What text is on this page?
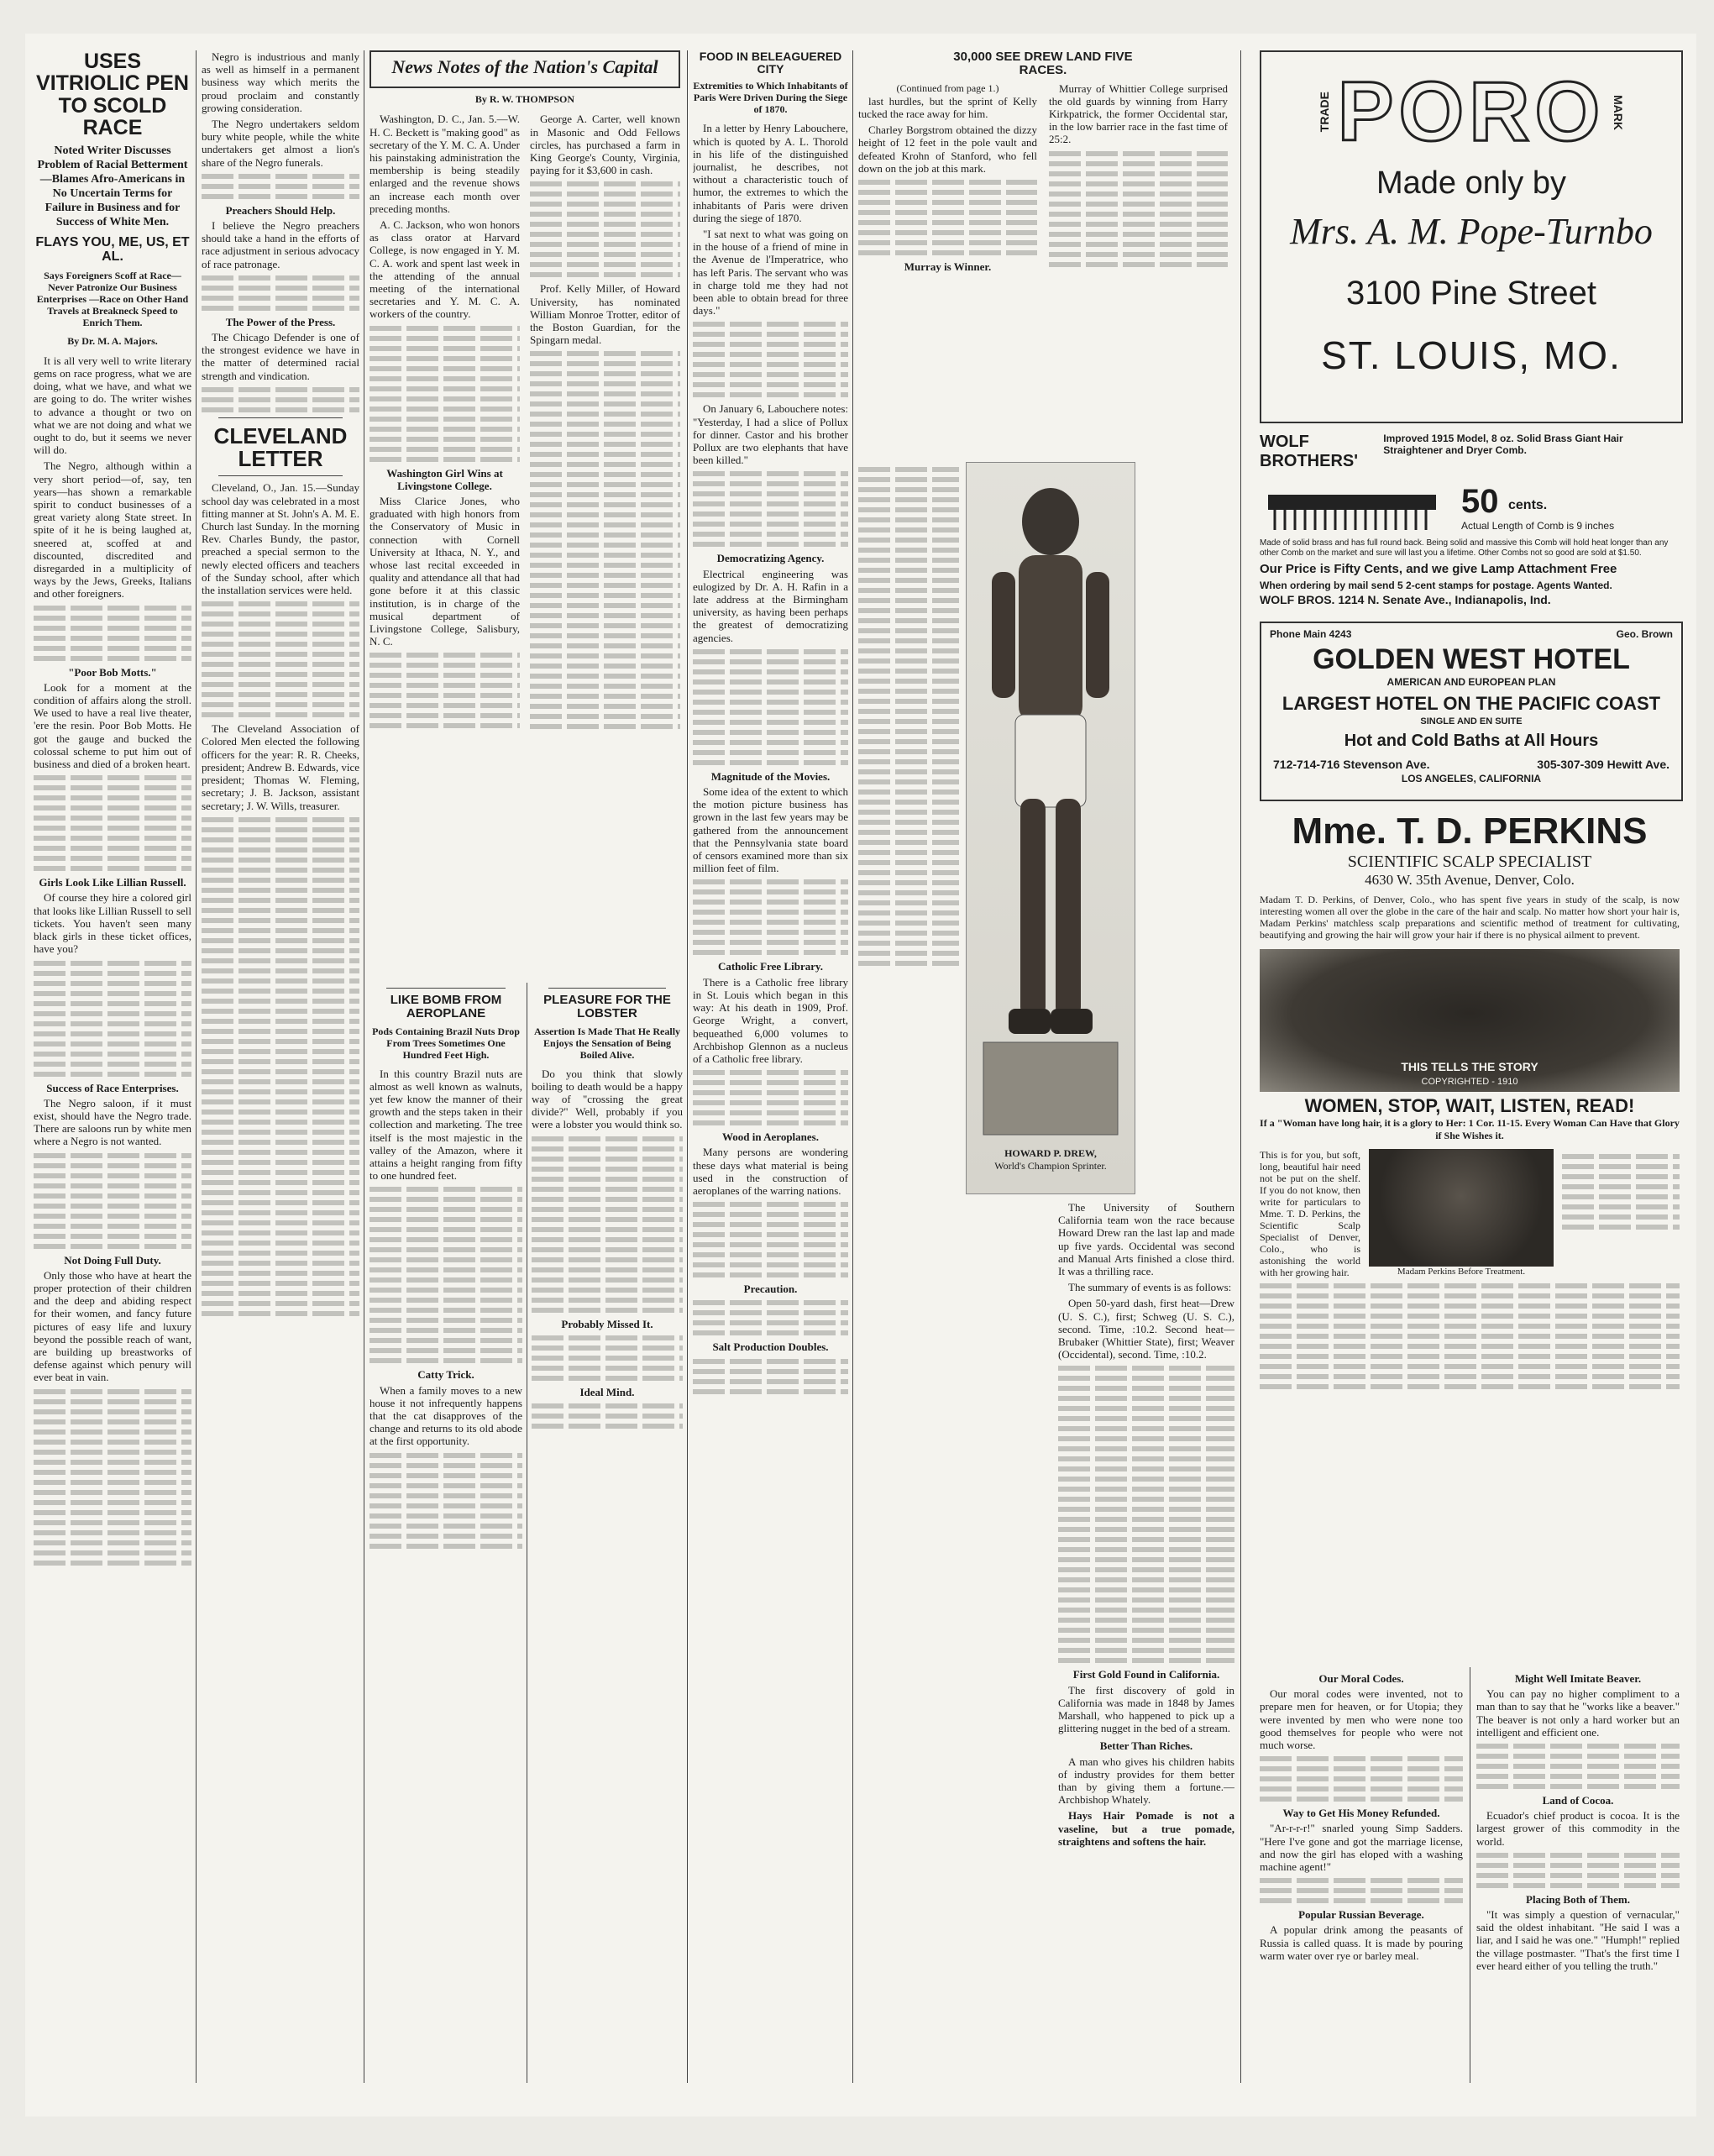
USES VITRIOLIC PEN TO SCOLD RACE
Noted Writer Discusses Problem of Racial Betterment—Blames Afro-Americans in No Uncertain Terms for Failure in Business and for Success of White Men.
FLAYS YOU, ME, US, ET AL.
Says Foreigners Scoff at Race—Never Patronize Our Business Enterprises —Race on Other Hand Travels at Breakneck Speed to Enrich Them.
By Dr. M. A. Majors.

It is all very well to write literary gems on race progress, what we are doing, what we have, and what we are going to do. The writer wishes to advance a thought or two on what we are not doing and what we ought to do, but it seems we never will do.

The Negro, although within a very short period—of, say, ten years—has shown a remarkable spirit to conduct businesses of a great variety along State street. In spite of it he is being laughed at, sneered at, scoffed at and discounted, discredited and disregarded in a multiplicity of ways by the Jews, Greeks, Italians and other foreigners.

"Poor Bob Motts."

Look for a moment at the condition of affairs along the stroll. We used to have a real live theater, 'ere the resin. Poor Bob Motts. He got the gauge and bucked the colossal scheme to put him out of business and died of a broken heart.

Girls Look Like Lillian Russell.

Of course they hire a colored girl that looks like Lillian Russell to sell tickets. You haven't seen many black girls in these ticket offices, have you?

Success of Race Enterprises.

The Negro saloon, if it must exist, should have the Negro trade. There are saloons run by white men where a Negro is not wanted.

Not Doing Full Duty.

Only those who have at heart the proper protection of their children and the deep and abiding respect for their women, and fancy future pictures of easy life and luxury beyond the possible reach of want, are building up breastworks of defense against which penury will ever beat in vain.

Negro is industrious and manly as well as himself in a permanent business way which merits the proud proclaim and constantly growing consideration.

The Negro undertakers seldom bury white people, while the white undertakers get almost a lion's share of the Negro funerals.

Preachers Should Help.

I believe the Negro preachers should take a hand in the efforts of race adjustment in serious advocacy of race patronage.

The Power of the Press.

The Chicago Defender is one of the strongest evidence we have in the matter of determined racial strength and vindication.

CLEVELAND LETTER

Cleveland, O., Jan. 15.—Sunday school day was celebrated in a most fitting manner at St. John's A. M. E. Church last Sunday. In the morning Rev. Charles Bundy, the pastor, preached a special sermon to the newly elected officers and teachers of the Sunday school, after which the installation services were held.

The Cleveland Association of Colored Men elected the following officers for the year: R. R. Cheeks, president; Andrew B. Edwards, vice president; Thomas W. Fleming, secretary; J. B. Jackson, assistant secretary; J. W. Wills, treasurer.

News Notes of the Nation's Capital
By R. W. THOMPSON

Washington, D. C., Jan. 5.—W. H. C. Beckett is "making good" as secretary of the Y. M. C. A. Under his painstaking administration the membership is being steadily enlarged and the revenue shows an increase each month over preceding months.

A. C. Jackson, who won honors as class orator at Harvard College, is now engaged in Y. M. C. A. work and spent last week in the attending of the annual meeting of the international secretaries and Y. M. C. A. workers of the country.

Washington Girl Wins at Livingstone College.

Miss Clarice Jones, who graduated with high honors from the Conservatory of Music in connection with Cornell University at Ithaca, N. Y., and whose last recital exceeded in quality and attendance all that had gone before it at this classic institution, is in charge of the musical department of Livingstone College, Salisbury, N. C.

George A. Carter, well known in Masonic and Odd Fellows circles, has purchased a farm in King George's County, Virginia, paying for it $3,600 in cash.

Prof. Kelly Miller, of Howard University, has nominated William Monroe Trotter, editor of the Boston Guardian, for the Spingarn medal.

LIKE BOMB FROM AEROPLANE
Pods Containing Brazil Nuts Drop From Trees Sometimes One Hundred Feet High.

In this country Brazil nuts are almost as well known as walnuts, yet few know the manner of their growth and the steps taken in their collection and marketing. The tree itself is the most majestic in the valley of the Amazon, where it attains a height ranging from fifty to one hundred feet.

Catty Trick.

When a family moves to a new house it not infrequently happens that the cat disapproves of the change and returns to its old abode at the first opportunity.

PLEASURE FOR THE LOBSTER
Assertion Is Made That He Really Enjoys the Sensation of Being Boiled Alive.

Do you think that slowly boiling to death would be a happy way of "crossing the great divide?" Well, probably if you were a lobster you would think so.

Probably Missed It.
Ideal Mind.
FOOD IN BELEAGUERED CITY
Extremities to Which Inhabitants of Paris Were Driven During the Siege of 1870.

In a letter by Henry Labouchere, which is quoted by A. L. Thorold in his life of the distinguished journalist, he describes, not without a characteristic touch of humor, the extremes to which the inhabitants of Paris were driven during the siege of 1870.

"I sat next to what was going on in the house of a friend of mine in the Avenue de l'Imperatrice, who has left Paris. The servant who was in charge told me they had not been able to obtain bread for three days."

On January 6, Labouchere notes: "Yesterday, I had a slice of Pollux for dinner. Castor and his brother Pollux are two elephants that have been killed."

Democratizing Agency.

Electrical engineering was eulogized by Dr. A. H. Rafin in a late address at the Birmingham university, as having been perhaps the greatest of democratizing agencies.

Magnitude of the Movies.

Some idea of the extent to which the motion picture business has grown in the last few years may be gathered from the announcement that the Pennsylvania state board of censors examined more than six million feet of film.

Catholic Free Library.

There is a Catholic free library in St. Louis which began in this way: At his death in 1909, Prof. George Wright, a convert, bequeathed 6,000 volumes to Archbishop Glennon as a nucleus of a Catholic free library.

Wood in Aeroplanes.

Many persons are wondering these days what material is being used in the construction of aeroplanes of the warring nations.

Precaution.
Salt Production Doubles.
30,000 SEE DREW LAND FIVE RACES.
(Continued from page 1.)

last hurdles, but the sprint of Kelly tucked the race away for him.

Charley Borgstrom obtained the dizzy height of 12 feet in the pole vault and defeated Krohn of Stanford, who fell down on the job at this mark.

Murray is Winner.

Murray of Whittier College surprised the old guards by winning from Harry Kirkpatrick, the former Occidental star, in the low barrier race in the fast time of 25:2.

HOWARD P. DREW,
World's Champion Sprinter.

The University of Southern California team won the race because Howard Drew ran the last lap and made up five yards. Occidental was second and Manual Arts finished a close third. It was a thrilling race.

The summary of events is as follows:

Open 50-yard dash, first heat—Drew (U. S. C.), first; Schweg (U. S. C.), second. Time, :10.2. Second heat—Brubaker (Whittier State), first; Weaver (Occidental), second. Time, :10.2.

First Gold Found in California.

The first discovery of gold in California was made in 1848 by James Marshall, who happened to pick up a glittering nugget in the bed of a stream.

Better Than Riches.

A man who gives his children habits of industry provides for them better than by giving them a fortune.—Archbishop Whately.

Hays Hair Pomade is not a vaseline, but a true pomade, straightens and softens the hair.

TRADE PORO MARK
Made only by
Mrs. A. M. Pope-Turnbo
3100 Pine Street
ST. LOUIS, MO.
WOLF BROTHERS'
Improved 1915 Model, 8 oz. Solid Brass Giant Hair Straightener and Dryer Comb.
50 cents.
Actual Length of Comb is 9 inches
Made of solid brass and has full round back. Being solid and massive this Comb will hold heat longer than any other Comb on the market and sure will last you a lifetime. Other Combs not so good are sold at $1.50.
Our Price is Fifty Cents, and we give Lamp Attachment Free
When ordering by mail send 5 2-cent stamps for postage. Agents Wanted.
WOLF BROS. 1214 N. Senate Ave., Indianapolis, Ind.
Phone Main 4243	Geo. Brown
GOLDEN WEST HOTEL
AMERICAN AND EUROPEAN PLAN
LARGEST HOTEL ON THE PACIFIC COAST
SINGLE AND EN SUITE
Hot and Cold Baths at All Hours
712-714-716 Stevenson Ave.	305-307-309 Hewitt Ave.
LOS ANGELES, CALIFORNIA
Mme. T. D. PERKINS
SCIENTIFIC SCALP SPECIALIST
4630 W. 35th Avenue, Denver, Colo.
Madam T. D. Perkins, of Denver, Colo., who has spent five years in study of the scalp, is now interesting women all over the globe in the care of the hair and scalp. No matter how short your hair is, Madam Perkins' matchless scalp preparations and scientific method of treatment for cultivating, beautifying and growing the hair will grow your hair if there is no physical ailment to prevent.
THIS TELLS THE STORY
COPYRIGHTED - 1910
WOMEN, STOP, WAIT, LISTEN, READ!
If a "Woman have long hair, it is a glory to Her: 1 Cor. 11-15. Every Woman Can Have that Glory if She Wishes it.
This is for you, but soft, long, beautiful hair need not be put on the shelf. If you do not know, then write for particulars to Mme. T. D. Perkins, the Scientific Scalp Specialist of Denver, Colo., who is astonishing the world with her growing hair.	Madam Perkins Before Treatment.
Our Moral Codes.

Our moral codes were invented, not to prepare men for heaven, or for Utopia; they were invented by men who were none too good themselves for people who were not much worse.

Way to Get His Money Refunded.

"Ar-r-r-r!" snarled young Simp Sadders. "Here I've gone and got the marriage license, and now the girl has eloped with a washing machine agent!"

Popular Russian Beverage.

A popular drink among the peasants of Russia is called quass. It is made by pouring warm water over rye or barley meal.

Might Well Imitate Beaver.

You can pay no higher compliment to a man than to say that he "works like a beaver." The beaver is not only a hard worker but an intelligent and efficient one.

Land of Cocoa.

Ecuador's chief product is cocoa. It is the largest grower of this commodity in the world.

Placing Both of Them.

"It was simply a question of vernacular," said the oldest inhabitant. "He said I was a liar, and I said he was one." "Humph!" replied the village postmaster. "That's the first time I ever heard either of you telling the truth."
